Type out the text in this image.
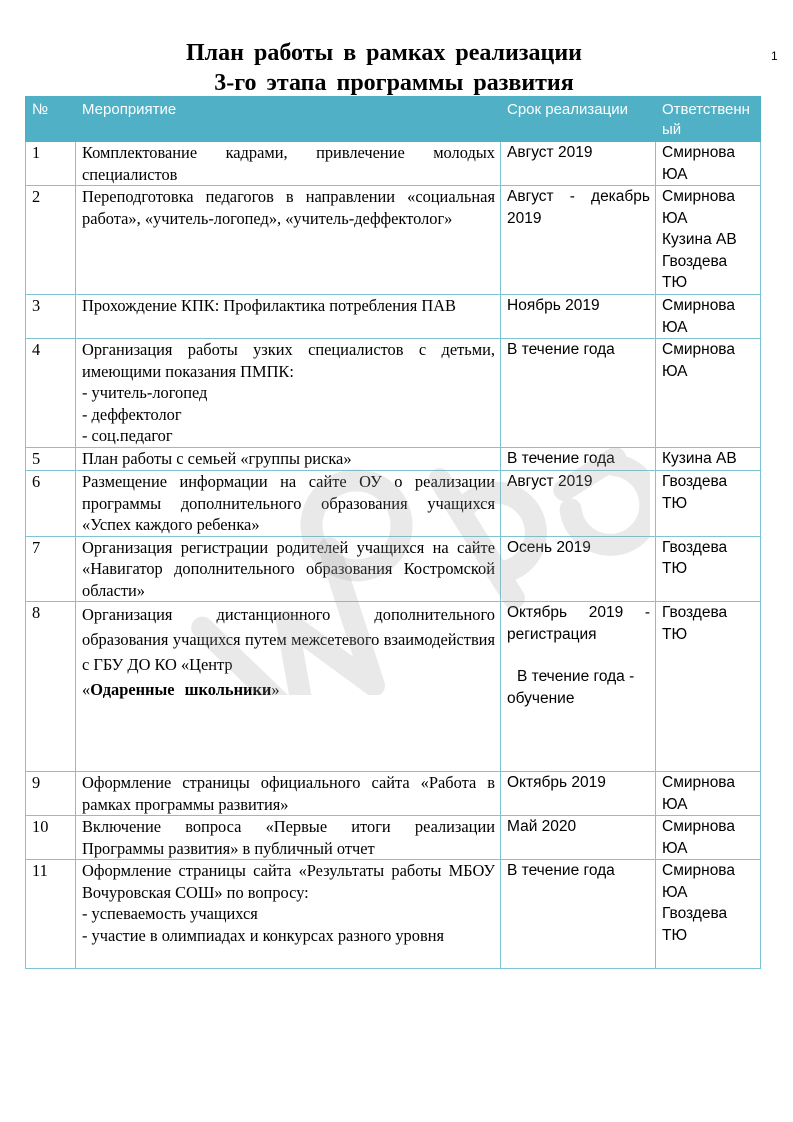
1
План работы в рамках реализации
3-го этапа программы развития
№	Мероприятие	Срок реализации	Ответственный
1	Комплектование кадрами, привлечение молодых специалистов	Август 2019	Смирнова ЮА

2	Переподготовка педагогов в направлении «социальная работа», «учитель-логопед», «учитель-деффектолог»	Август - декабрь 2019	Смирнова ЮА
Кузина АВ
Гвоздева ТЮ

3	Прохождение КПК: Профилактика потребления ПАВ	Ноябрь 2019	Смирнова ЮА

4	Организация работы узких специалистов с детьми, имеющими показания ПМПК:
- учитель-логопед
- деффектолог
- соц.педагог	В течение года	Смирнова ЮА

5	План работы с семьей «группы риска»	В течение года	Кузина АВ

6	Размещение информации на сайте ОУ о реализации программы дополнительного образования учащихся «Успех каждого ребенка»	Август 2019	Гвоздева ТЮ

7	Организация регистрации родителей учащихся на сайте «Навигатор дополнительного образования Костромской области»	Осень 2019	Гвоздева ТЮ

8	Организация дистанционного дополнительного образования учащихся путем межсетевого взаимодействия с ГБУ ДО КО «Центр
«Одаренные школьники»	Октябрь 2019 -
регистрация
В течение года -
обучение	Гвоздева ТЮ

9	Оформление страницы официального сайта «Работа в рамках программы развития»	Октябрь 2019	Смирнова ЮА

10	Включение вопроса «Первые итоги реализации Программы развития» в публичный отчет	Май 2020	Смирнова ЮА

11	Оформление страницы сайта «Результаты работы МБОУ Вочуровская СОШ» по вопросу:
- успеваемость учащихся
- участие в олимпиадах и конкурсах разного уровня	В течение года	Смирнова ЮА
Гвоздева ТЮ
